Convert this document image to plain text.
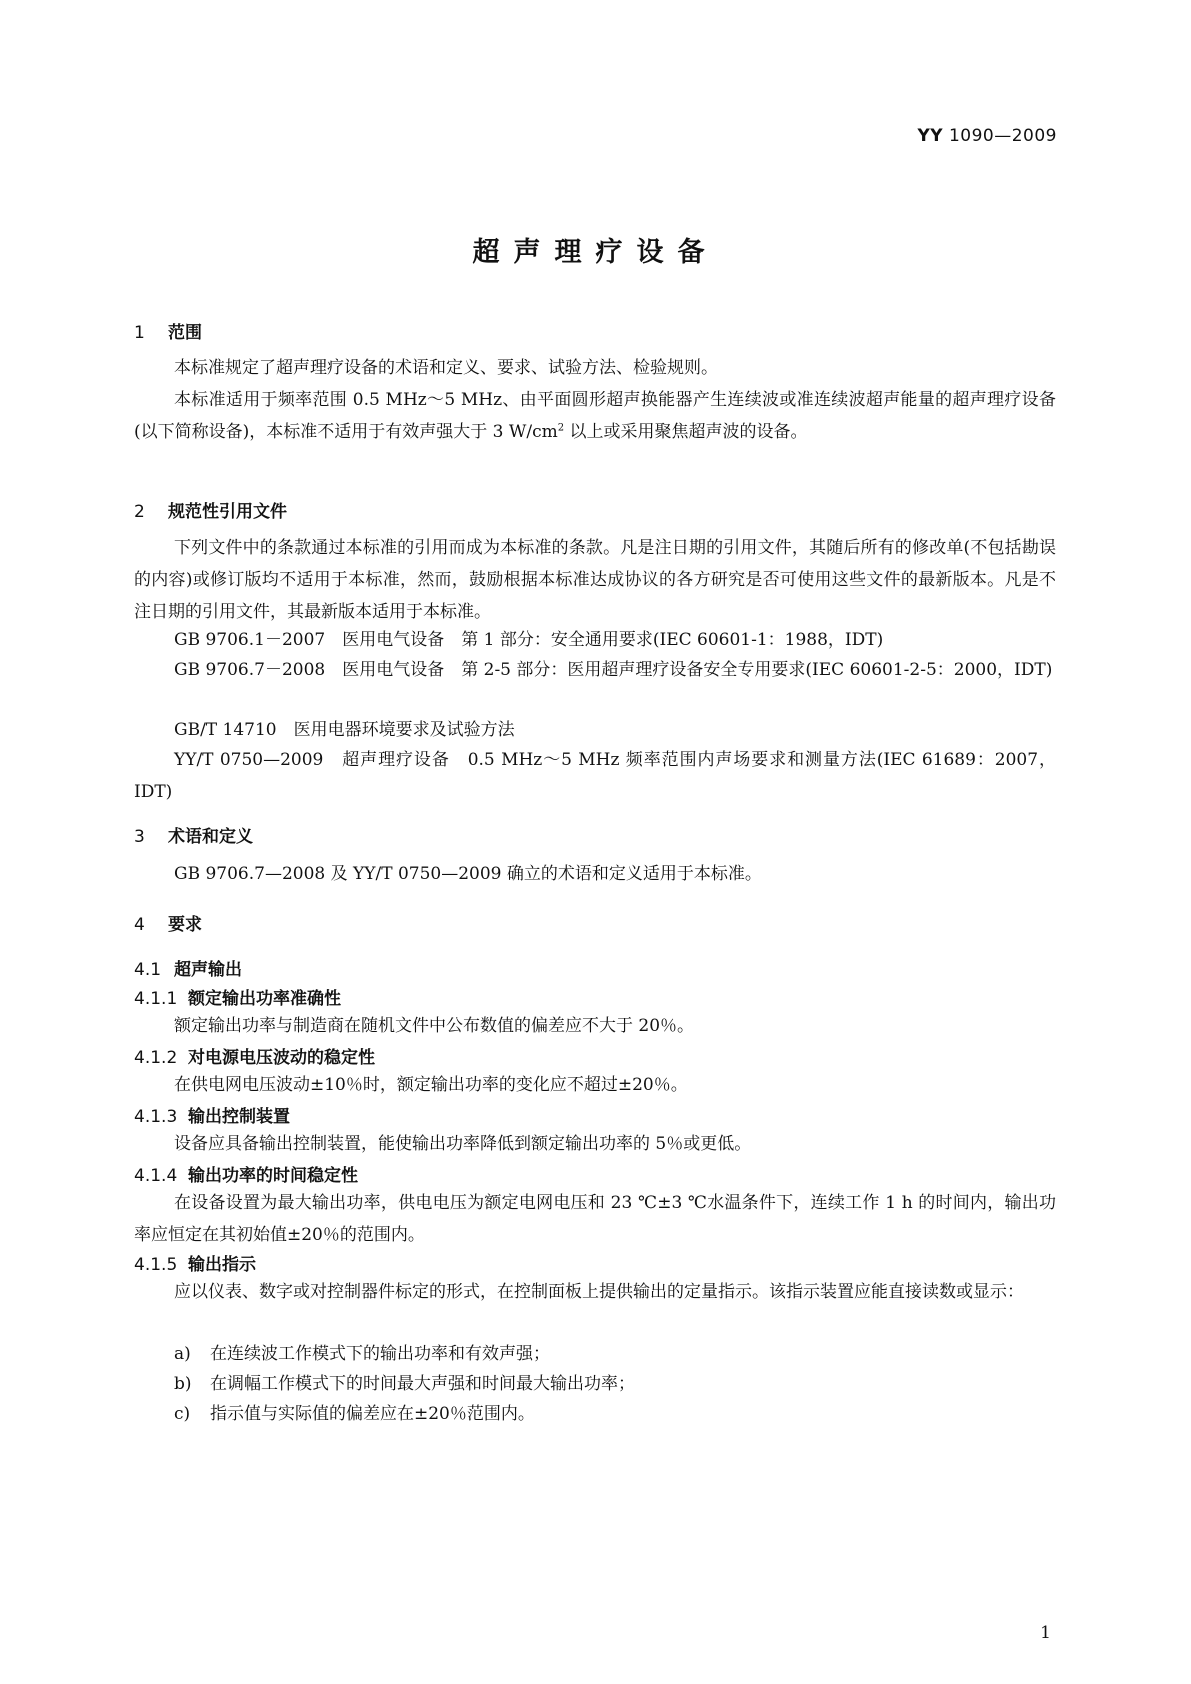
YY 1090—2009
超声理疗设备
1 范围
本标准规定了超声理疗设备的术语和定义、要求、试验方法、检验规则。
本标准适用于频率范围 0.5 MHz～5 MHz、由平面圆形超声换能器产生连续波或准连续波超声能量的超声理疗设备(以下简称设备)，本标准不适用于有效声强大于 3 $W/cm^2$ 以上或采用聚焦超声波的设备。
2 规范性引用文件
下列文件中的条款通过本标准的引用而成为本标准的条款。凡是注日期的引用文件，其随后所有的修改单(不包括勘误的内容)或修订版均不适用于本标准，然而，鼓励根据本标准达成协议的各方研究是否可使用这些文件的最新版本。凡是不注日期的引用文件，其最新版本适用于本标准。
GB 9706.1－2007　医用电气设备　第 1 部分：安全通用要求(IEC 60601-1：1988，IDT)
GB 9706.7－2008　医用电气设备　第 2-5 部分：医用超声理疗设备安全专用要求(IEC 60601-2-5：2000，IDT)
GB/T 14710　医用电器环境要求及试验方法
YY/T 0750—2009　超声理疗设备　0.5 MHz～5 MHz 频率范围内声场要求和测量方法(IEC 61689：2007，IDT)
3 术语和定义
GB 9706.7—2008 及 YY/T 0750—2009 确立的术语和定义适用于本标准。
4 要求
4.1 超声输出
4.1.1 额定输出功率准确性
额定输出功率与制造商在随机文件中公布数值的偏差应不大于 20％。
4.1.2 对电源电压波动的稳定性
在供电网电压波动±10％时，额定输出功率的变化应不超过±20％。
4.1.3 输出控制装置
设备应具备输出控制装置，能使输出功率降低到额定输出功率的 5％或更低。
4.1.4 输出功率的时间稳定性
在设备设置为最大输出功率，供电电压为额定电网电压和 23 ℃±3 ℃水温条件下，连续工作 1 h 的时间内，输出功率应恒定在其初始值±20％的范围内。
4.1.5 输出指示
应以仪表、数字或对控制器件标定的形式，在控制面板上提供输出的定量指示。该指示装置应能直接读数或显示：
a) 在连续波工作模式下的输出功率和有效声强；
b) 在调幅工作模式下的时间最大声强和时间最大输出功率；
c) 指示值与实际值的偏差应在±20％范围内。
1
